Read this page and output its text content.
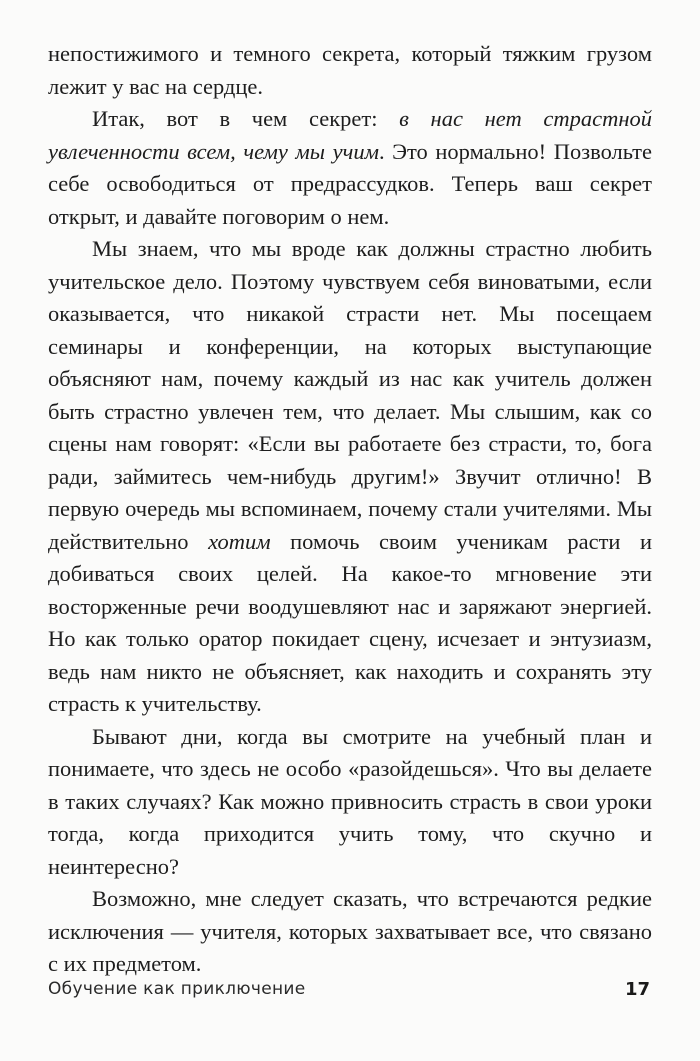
непостижимого и темного секрета, который тяжким грузом лежит у вас на сердце.

Итак, вот в чем секрет: в нас нет страстной увлеченности всем, чему мы учим. Это нормально! Позвольте себе освободиться от предрассудков. Теперь ваш секрет открыт, и давайте поговорим о нем.

Мы знаем, что мы вроде как должны страстно любить учительское дело. Поэтому чувствуем себя виноватыми, если оказывается, что никакой страсти нет. Мы посещаем семинары и конференции, на которых выступающие объясняют нам, почему каждый из нас как учитель должен быть страстно увлечен тем, что делает. Мы слышим, как со сцены нам говорят: «Если вы работаете без страсти, то, бога ради, займитесь чем-нибудь другим!» Звучит отлично! В первую очередь мы вспоминаем, почему стали учителями. Мы действительно хотим помочь своим ученикам расти и добиваться своих целей. На какое-то мгновение эти восторженные речи воодушевляют нас и заряжают энергией. Но как только оратор покидает сцену, исчезает и энтузиазм, ведь нам никто не объясняет, как находить и сохранять эту страсть к учительству.

Бывают дни, когда вы смотрите на учебный план и понимаете, что здесь не особо «разойдешься». Что вы делаете в таких случаях? Как можно привносить страсть в свои уроки тогда, когда приходится учить тому, что скучно и неинтересно?

Возможно, мне следует сказать, что встречаются редкие исключения — учителя, которых захватывает все, что связано с их предметом.

Обучение как приключение	17
